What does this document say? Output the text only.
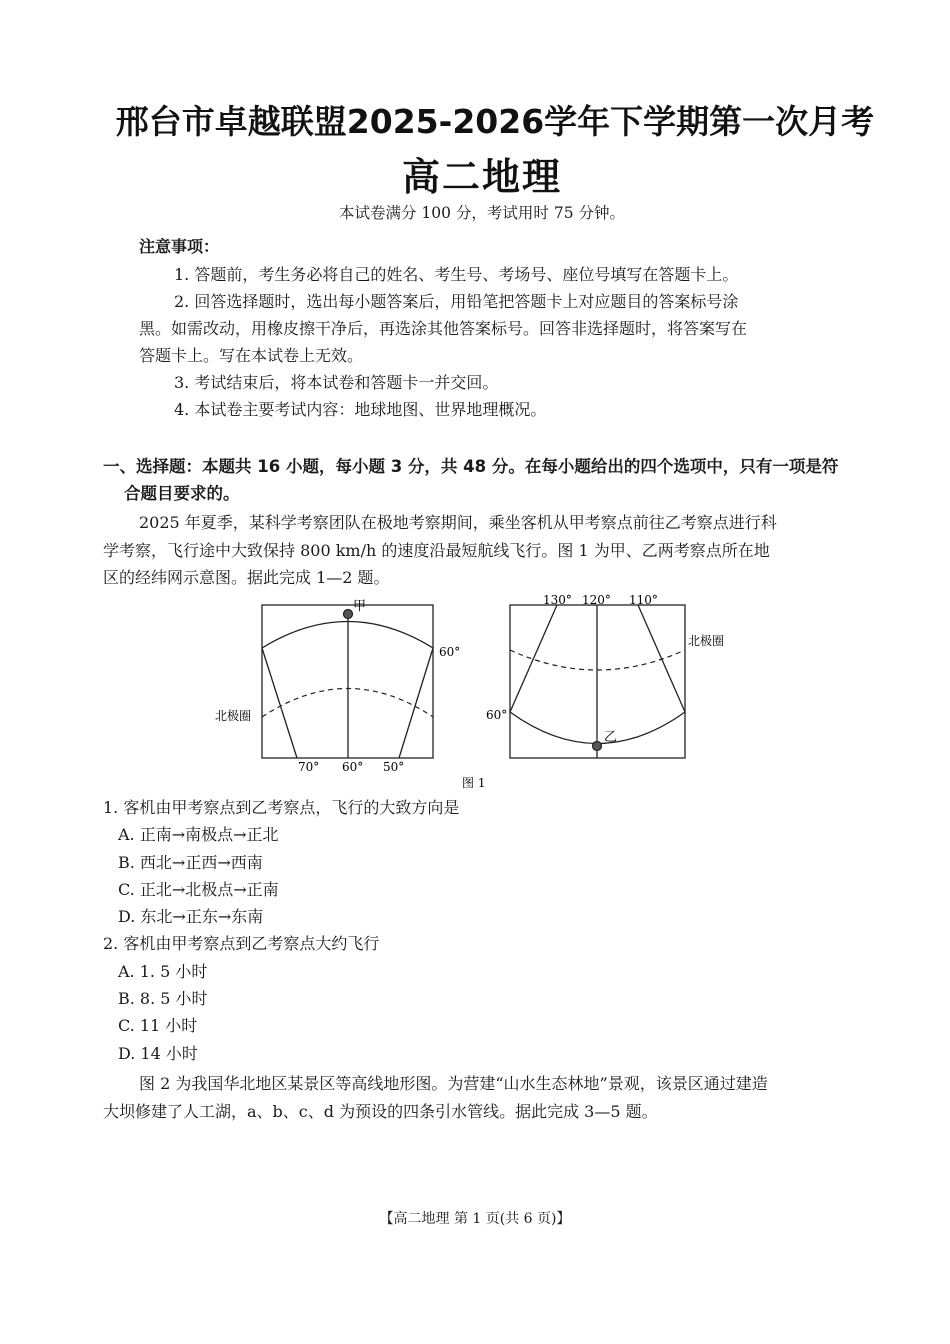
邢台市卓越联盟2025-2026学年下学期第一次月考
高二地理
本试卷满分 100 分，考试用时 75 分钟。
注意事项：
1. 答题前，考生务必将自己的姓名、考生号、考场号、座位号填写在答题卡上。
2. 回答选择题时，选出每小题答案后，用铅笔把答题卡上对应题目的答案标号涂
黑。如需改动，用橡皮擦干净后，再选涂其他答案标号。回答非选择题时，将答案写在
答题卡上。写在本试卷上无效。
3. 考试结束后，将本试卷和答题卡一并交回。
4. 本试卷主要考试内容：地球地图、世界地理概况。
一、选择题：本题共 16 小题，每小题 3 分，共 48 分。在每小题给出的四个选项中，只有一项是符
合题目要求的。
2025 年夏季，某科学考察团队在极地考察期间，乘坐客机从甲考察点前往乙考察点进行科
学考察，飞行途中大致保持 800 km/h 的速度沿最短航线飞行。图 1 为甲、乙两考察点所在地
区的经纬网示意图。据此完成 1—2 题。
甲
60°
北极圈
70° 60° 50°
乙
60°
北极圈
130° 120° 110°
图 1
1. 客机由甲考察点到乙考察点，飞行的大致方向是
A. 正南→南极点→正北
B. 西北→正西→西南
C. 正北→北极点→正南
D. 东北→正东→东南
2. 客机由甲考察点到乙考察点大约飞行
A. 1. 5 小时
B. 8. 5 小时
C. 11 小时
D. 14 小时
图 2 为我国华北地区某景区等高线地形图。为营建“山水生态林地”景观，该景区通过建造
大坝修建了人工湖，a、b、c、d 为预设的四条引水管线。据此完成 3—5 题。
【高二地理 第 1 页(共 6 页)】
